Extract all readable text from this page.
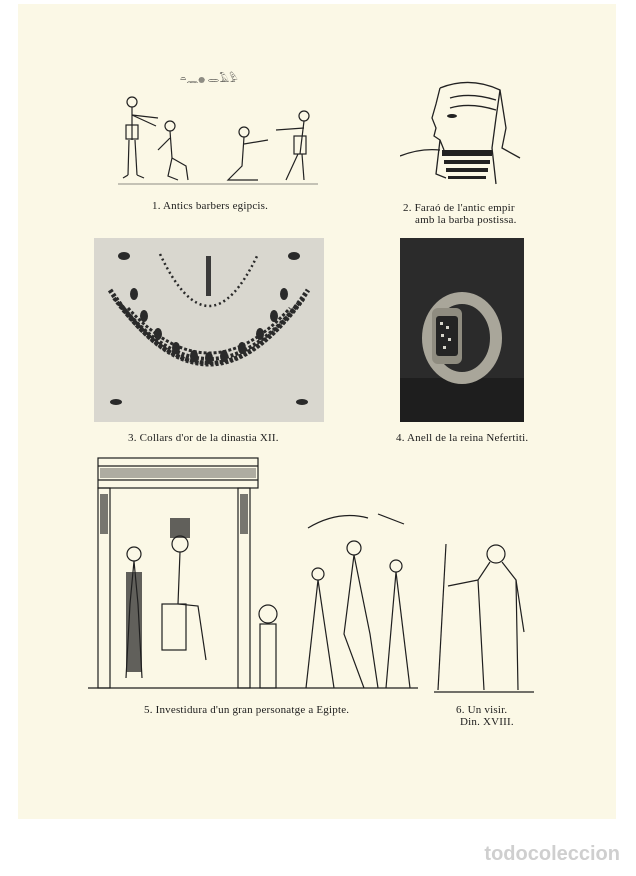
𓏏𓈖𓐍 𓂋𓄿𓅱
1. Antics barbers egipcis.	2. Faraó de l'antic empir
amb la barba postissa.
3. Collars d'or de la dinastia XII.	4. Anell de la reina Nefertiti.
5. Investidura d'un gran personatge a Egipte.	6. Un visir.
Din. XVIII.
todocoleccion
